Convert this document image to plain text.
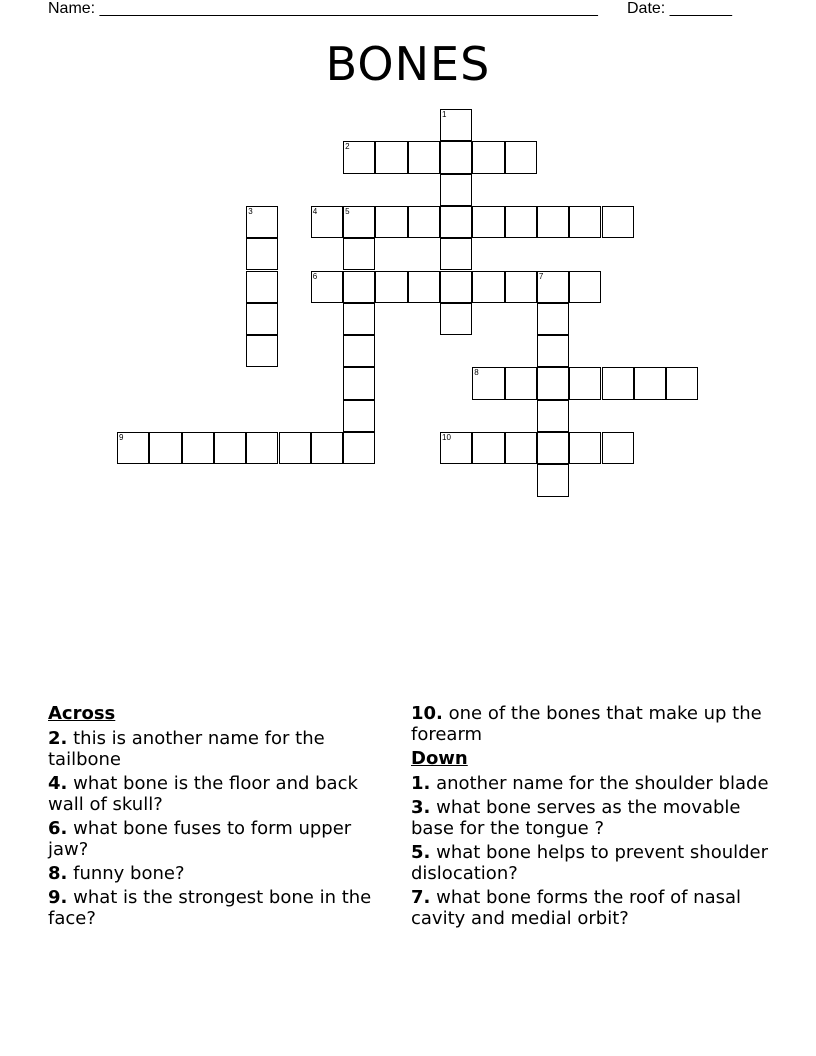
Name: ________________________________________________________ Date: _______
BONES
1
2
3	4	5
6	7
8
9	10
Across
2. this is another name for the tailbone
4. what bone is the floor and back wall of skull?
6. what bone fuses to form upper jaw?
8. funny bone?
9. what is the strongest bone in the face?
10. one of the bones that make up the forearm
Down
1. another name for the shoulder blade
3. what bone serves as the movable base for the tongue ?
5. what bone helps to prevent shoulder dislocation?
7. what bone forms the roof of nasal cavity and medial orbit?
